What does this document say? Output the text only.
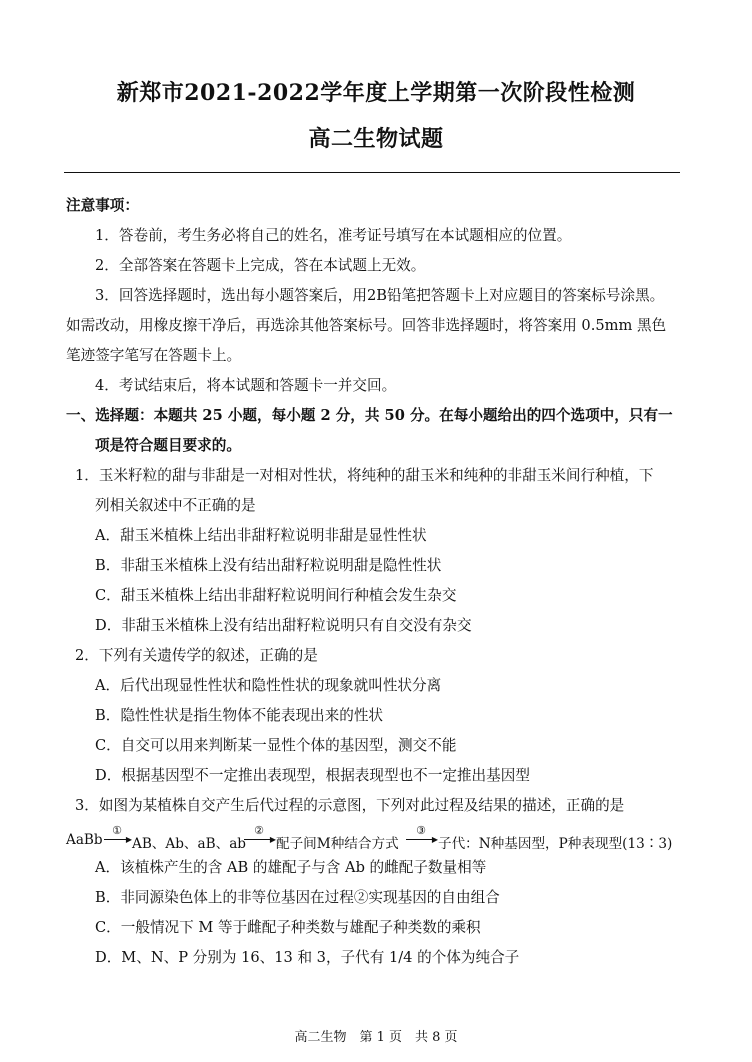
新郑市2021-2022学年度上学期第一次阶段性检测
高二生物试题
注意事项：
1．答卷前，考生务必将自己的姓名，准考证号填写在本试题相应的位置。
2．全部答案在答题卡上完成，答在本试题上无效。
3．回答选择题时，选出每小题答案后，用2B铅笔把答题卡上对应题目的答案标号涂黑。
如需改动，用橡皮擦干净后，再选涂其他答案标号。回答非选择题时，将答案用 0.5mm 黑色
笔迹签字笔写在答题卡上。
4．考试结束后，将本试题和答题卡一并交回。
一、选择题：本题共 25 小题，每小题 2 分，共 50 分。在每小题给出的四个选项中，只有一
项是符合题目要求的。
1．玉米籽粒的甜与非甜是一对相对性状，将纯种的甜玉米和纯种的非甜玉米间行种植，下
列相关叙述中不正确的是
A．甜玉米植株上结出非甜籽粒说明非甜是显性性状
B．非甜玉米植株上没有结出甜籽粒说明甜是隐性性状
C．甜玉米植株上结出非甜籽粒说明间行种植会发生杂交
D．非甜玉米植株上没有结出甜籽粒说明只有自交没有杂交
2．下列有关遗传学的叙述，正确的是
A．后代出现显性性状和隐性性状的现象就叫性状分离
B．隐性性状是指生物体不能表现出来的性状
C．自交可以用来判断某一显性个体的基因型，测交不能
D．根据基因型不一定推出表现型，根据表现型也不一定推出基因型
3．如图为某植株自交产生后代过程的示意图，下列对此过程及结果的描述，正确的是
AaBb
①
▶ AB、Ab、aB、ab
②
▶ 配子间M种结合方式
③
▶ 子代：N种基因型，P种表现型(13∶3)
A．该植株产生的含 AB 的雄配子与含 Ab 的雌配子数量相等
B．非同源染色体上的非等位基因在过程②实现基因的自由组合
C．一般情况下 M 等于雌配子种类数与雄配子种类数的乘积
D．M、N、P 分别为 16、13 和 3，子代有 1/4 的个体为纯合子
高二生物　第 1 页　共 8 页
